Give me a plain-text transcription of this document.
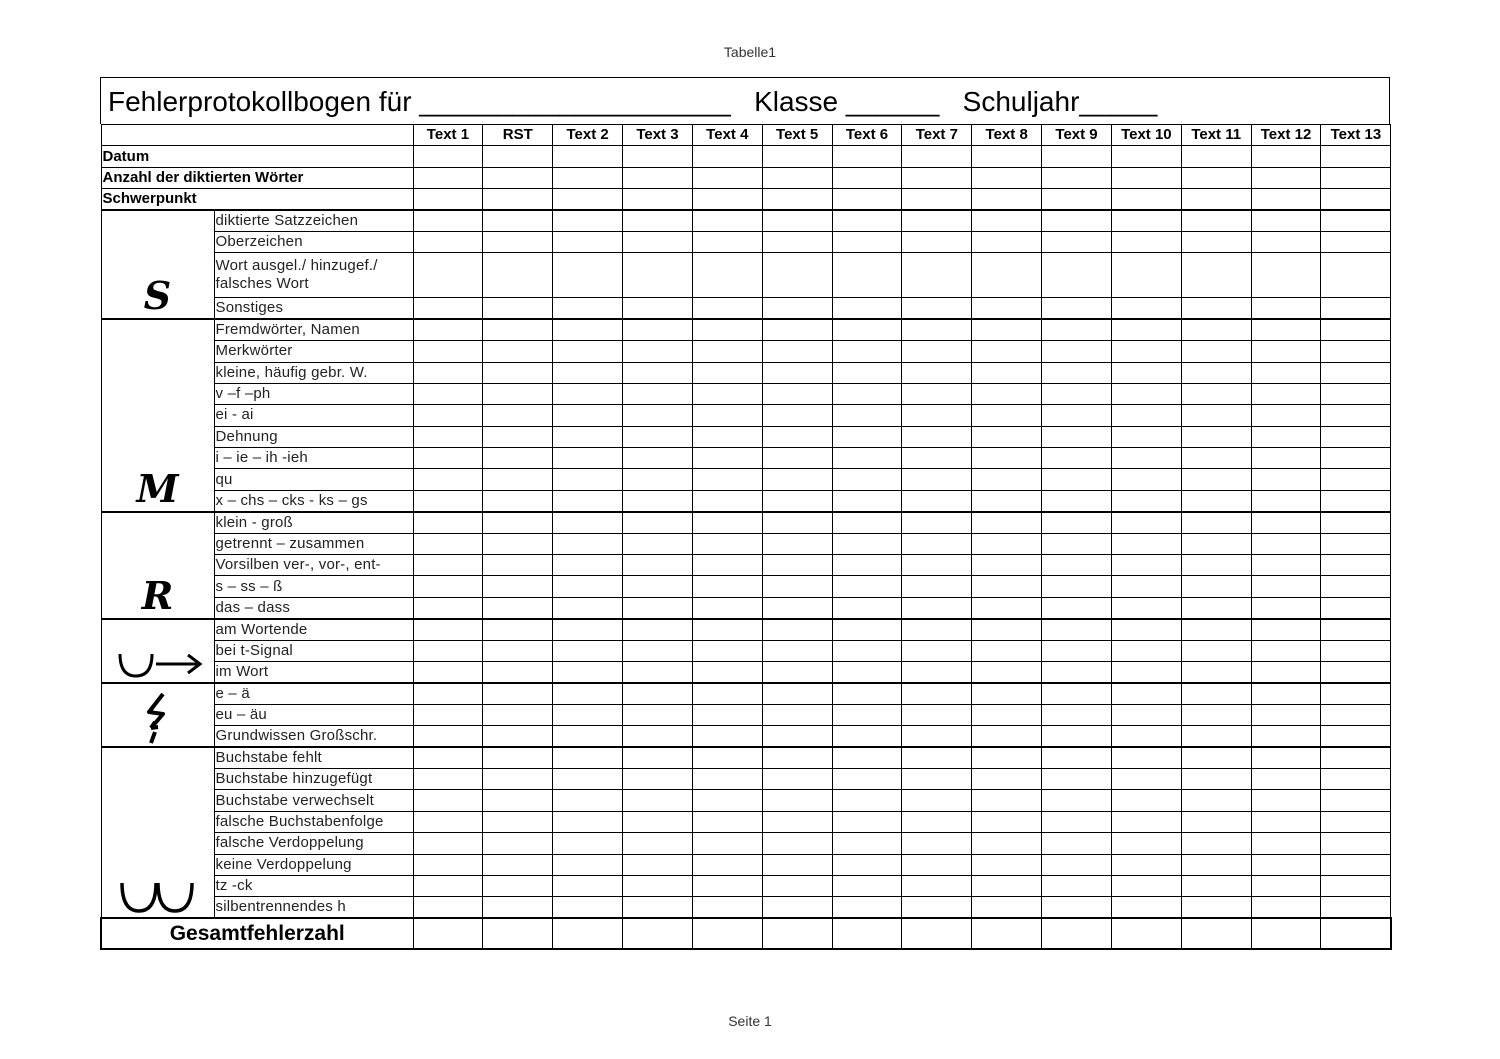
Tabelle1
Fehlerprotokollbogen für ____________________   Klasse ______   Schuljahr_____
		Text 1	RST	Text 2	Text 3	Text 4	Text 5	Text 6	Text 7	Text 8	Text 9	Text 10	Text 11	Text 12	Text 13
Datum															
Anzahl der diktierten Wörter															
Schwerpunkt															
S	diktierte Satzzeichen														
	Oberzeichen														
	Wort ausgel./ hinzugef./ falsches Wort														
	Sonstiges														
M	Fremdwörter, Namen														
	Merkwörter														
	kleine, häufig gebr. W.														
	v –f –ph														
	ei - ai														
	Dehnung														
	i – ie – ih -ieh														
	qu														
	x – chs – cks - ks – gs														
R	klein - groß														
	getrennt – zusammen														
	Vorsilben ver-, vor-, ent-														
	s – ss – ß														
	das – dass														

	am Wortende														
	bei t-Signal														
	im Wort														

	e – ä														
	eu – äu														
	Grundwissen Großschr.														

	Buchstabe fehlt														
	Buchstabe hinzugefügt														
	Buchstabe verwechselt														
	falsche Buchstabenfolge														
	falsche Verdoppelung														
	keine Verdoppelung														
	tz -ck														
	silbentrennendes h														
Gesamtfehlerzahl															
Seite 1
